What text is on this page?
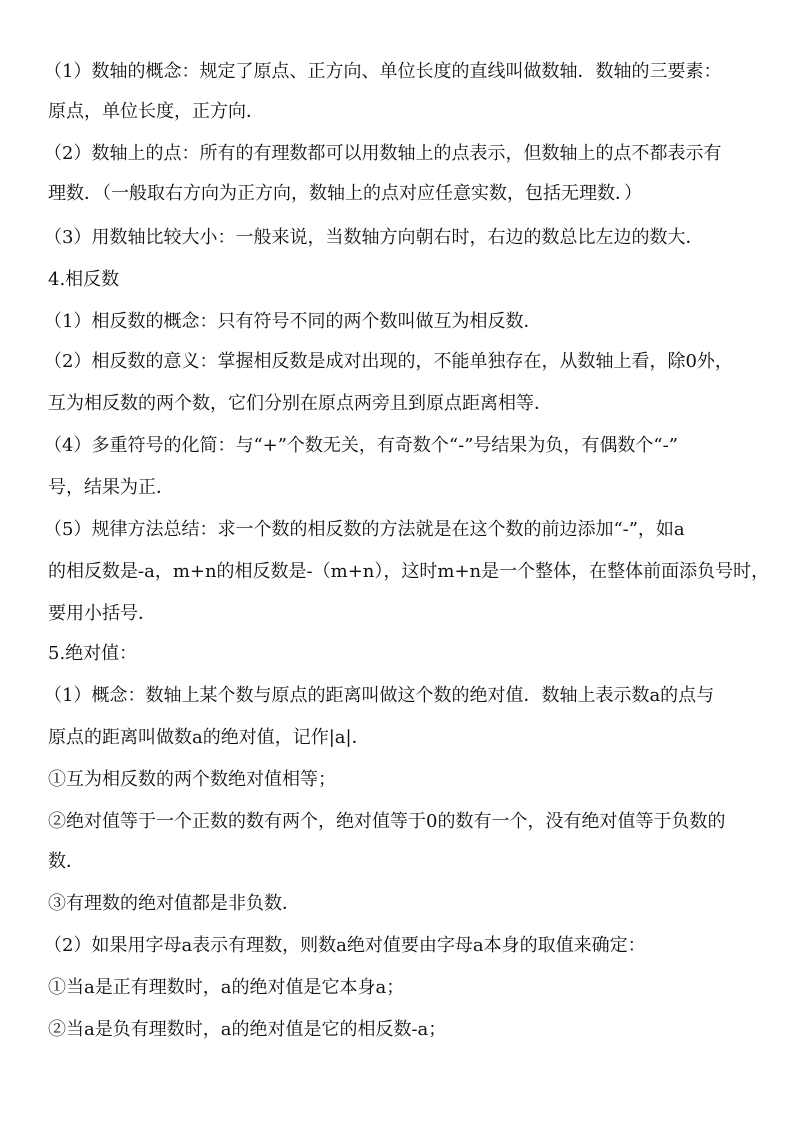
（1）数轴的概念：规定了原点、正方向、单位长度的直线叫做数轴．数轴的三要素：
原点，单位长度，正方向．
（2）数轴上的点：所有的有理数都可以用数轴上的点表示，但数轴上的点不都表示有
理数．（一般取右方向为正方向，数轴上的点对应任意实数，包括无理数．）
（3）用数轴比较大小：一般来说，当数轴方向朝右时，右边的数总比左边的数大．
4.相反数
（1）相反数的概念：只有符号不同的两个数叫做互为相反数．
（2）相反数的意义：掌握相反数是成对出现的，不能单独存在，从数轴上看，除0外，
互为相反数的两个数，它们分别在原点两旁且到原点距离相等．
（4）多重符号的化简：与“+”个数无关，有奇数个“-”号结果为负，有偶数个“-”
号，结果为正．
（5）规律方法总结：求一个数的相反数的方法就是在这个数的前边添加“-”，如a
的相反数是-a，m+n的相反数是-（m+n），这时m+n是一个整体，在整体前面添负号时，
要用小括号．
5.绝对值：
（1）概念：数轴上某个数与原点的距离叫做这个数的绝对值．数轴上表示数a的点与
原点的距离叫做数a的绝对值，记作|a|．
①互为相反数的两个数绝对值相等；
②绝对值等于一个正数的数有两个，绝对值等于0的数有一个，没有绝对值等于负数的
数．
③有理数的绝对值都是非负数．
（2）如果用字母a表示有理数，则数a绝对值要由字母a本身的取值来确定：
①当a是正有理数时，a的绝对值是它本身a；
②当a是负有理数时，a的绝对值是它的相反数-a；
